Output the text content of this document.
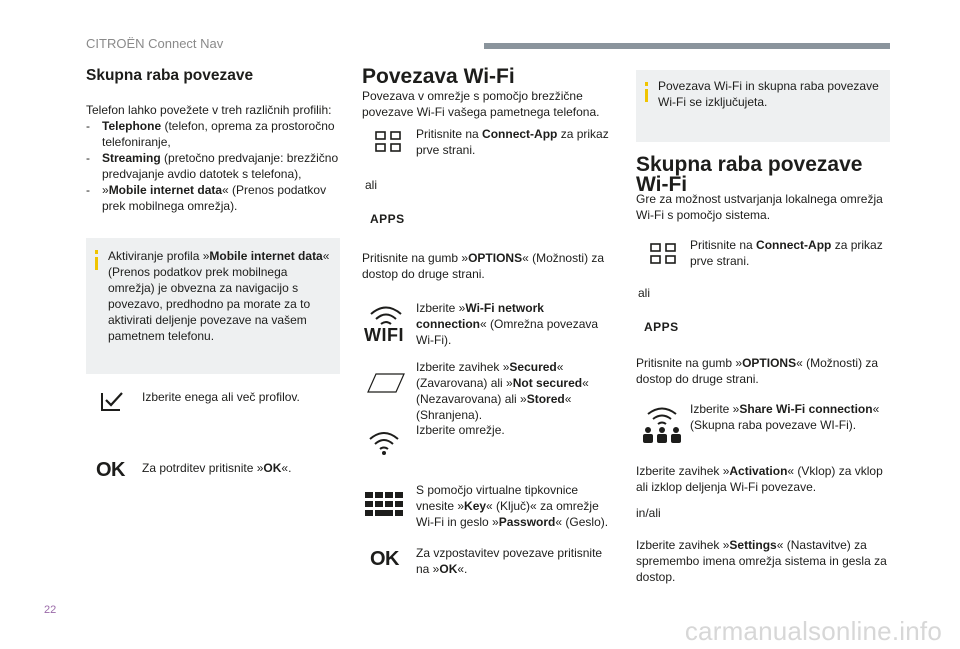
CITROËN Connect Nav
Skupna raba povezave
Telefon lahko povežete v treh različnih profilih:
- Telephone (telefon, oprema za prostoročno telefoniranje,
- Streaming (pretočno predvajanje: brezžično predvajanje avdio datotek s telefona),
- »Mobile internet data« (Prenos podatkov prek mobilnega omrežja).
Aktiviranje profila »Mobile internet data« (Prenos podatkov prek mobilnega omrežja) je obvezna za navigacijo s povezavo, predhodno pa morate za to aktivirati deljenje povezave na vašem pametnem telefonu.
Izberite enega ali več profilov.
OK Za potrditev pritisnite »OK«.
Povezava Wi-Fi
Povezava v omrežje s pomočjo brezžične povezave Wi-Fi vašega pametnega telefona.
Pritisnite na Connect-App za prikaz prve strani.
ali
APPS
Pritisnite na gumb »OPTIONS« (Možnosti) za dostop do druge strani.
WIFI
Izberite »Wi-Fi network connection« (Omrežna povezava Wi-Fi).
Izberite zavihek »Secured« (Zavarovana) ali »Not secured« (Nezavarovana) ali »Stored« (Shranjena).
Izberite omrežje.
S pomočjo virtualne tipkovnice vnesite »Key« (Ključ)« za omrežje Wi-Fi in geslo »Password« (Geslo).
OK Za vzpostavitev povezave pritisnite na »OK«.
Povezava Wi-Fi in skupna raba povezave Wi-Fi se izključujeta.
Skupna raba povezave
Wi-Fi
Gre za možnost ustvarjanja lokalnega omrežja Wi-Fi s pomočjo sistema.
Pritisnite na Connect-App za prikaz prve strani.
ali
APPS
Pritisnite na gumb »OPTIONS« (Možnosti) za dostop do druge strani.
Izberite »Share Wi-Fi connection« (Skupna raba povezave WI-Fi).
Izberite zavihek »Activation« (Vklop) za vklop ali izklop deljenja Wi-Fi povezave.
in/ali
Izberite zavihek »Settings« (Nastavitve) za spremembo imena omrežja sistema in gesla za dostop.
22
carmanualsonline.info
